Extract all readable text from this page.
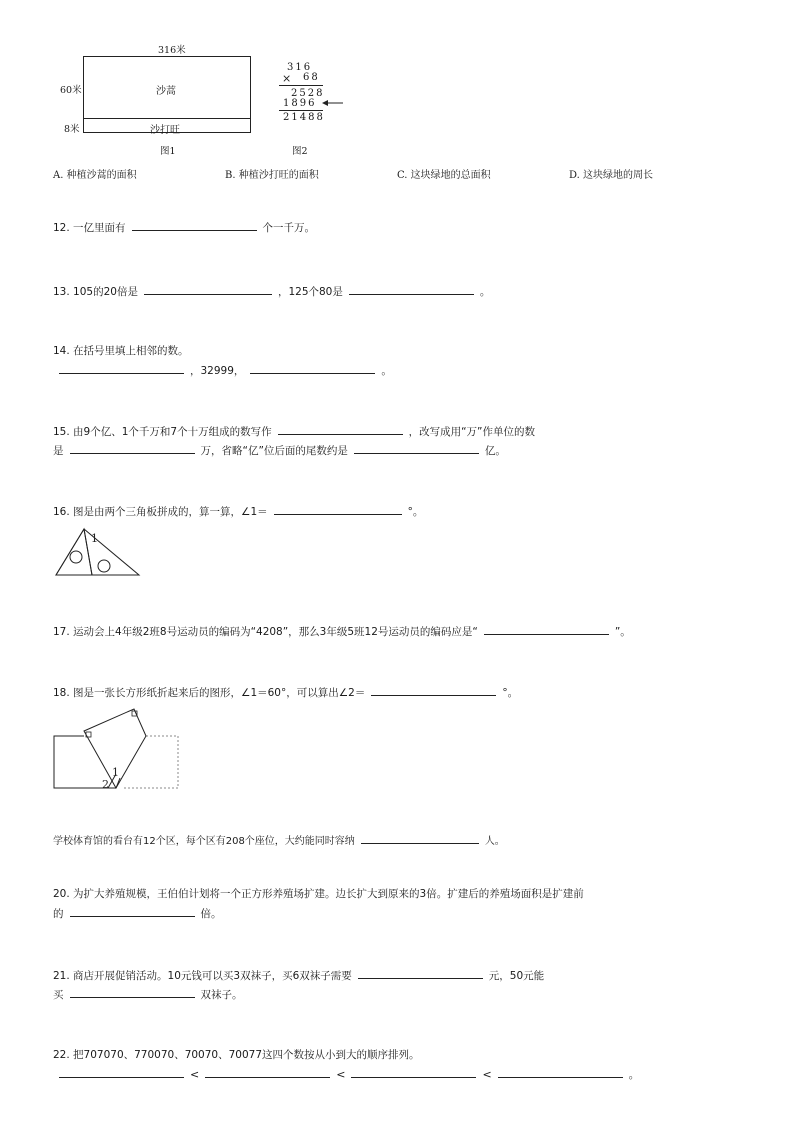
316米
60米
8米
沙蒿
沙打旺
图1
316
× 68
2528
1896
21488
图2
A. 种植沙蒿的面积	B. 种植沙打旺的面积	C. 这块绿地的总面积	D. 这块绿地的周长
12. 一亿里面有	个一千万。
13. 105的20倍是	，125个80是	。
14. 在括号里填上相邻的数。
，32999，	。
15. 由9个亿、1个千万和7个十万组成的数写作	，改写成用“万”作单位的数
是	万，省略“亿”位后面的尾数约是	亿。
16. 图是由两个三角板拼成的，算一算，∠1＝	°。
1
17. 运动会上4年级2班8号运动员的编码为“4208”，那么3年级5班12号运动员的编码应是“	”。
18. 图是一张长方形纸折起来后的图形，∠1＝60°，可以算出∠2＝	°。
1
2
学校体育馆的看台有12个区，每个区有208个座位，大约能同时容纳	人。
20. 为扩大养殖规模，王伯伯计划将一个正方形养殖场扩建。边长扩大到原来的3倍。扩建后的养殖场面积是扩建前
的	倍。
21. 商店开展促销活动。10元钱可以买3双袜子，买6双袜子需要	元，50元能
买	双袜子。
22. 把707070、770070、70070、70077这四个数按从小到大的顺序排列。
<	<	<	。
